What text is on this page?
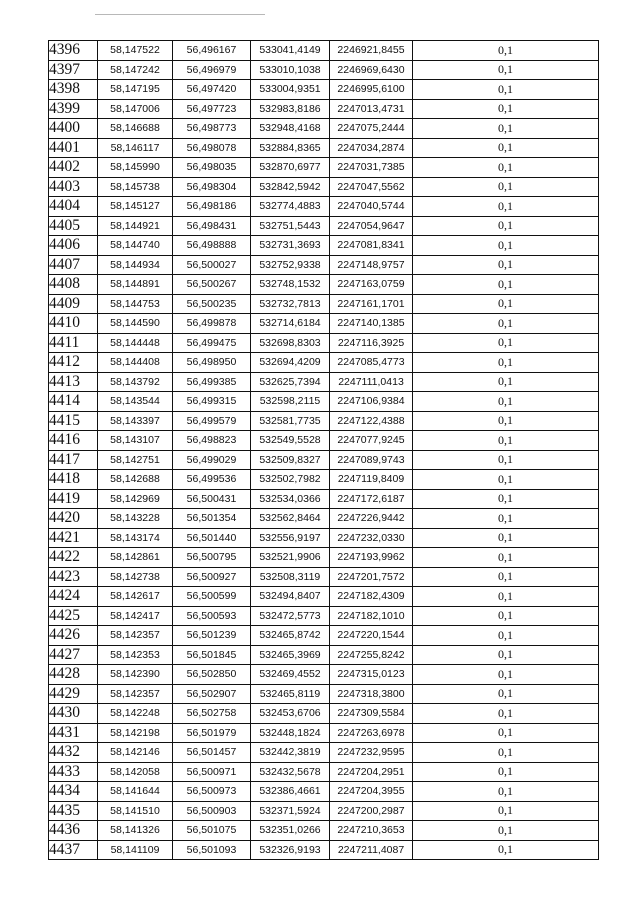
4396	58,147522	56,496167	533041,4149	2246921,8455	0,1
4397	58,147242	56,496979	533010,1038	2246969,6430	0,1
4398	58,147195	56,497420	533004,9351	2246995,6100	0,1
4399	58,147006	56,497723	532983,8186	2247013,4731	0,1
4400	58,146688	56,498773	532948,4168	2247075,2444	0,1
4401	58,146117	56,498078	532884,8365	2247034,2874	0,1
4402	58,145990	56,498035	532870,6977	2247031,7385	0,1
4403	58,145738	56,498304	532842,5942	2247047,5562	0,1
4404	58,145127	56,498186	532774,4883	2247040,5744	0,1
4405	58,144921	56,498431	532751,5443	2247054,9647	0,1
4406	58,144740	56,498888	532731,3693	2247081,8341	0,1
4407	58,144934	56,500027	532752,9338	2247148,9757	0,1
4408	58,144891	56,500267	532748,1532	2247163,0759	0,1
4409	58,144753	56,500235	532732,7813	2247161,1701	0,1
4410	58,144590	56,499878	532714,6184	2247140,1385	0,1
4411	58,144448	56,499475	532698,8303	2247116,3925	0,1
4412	58,144408	56,498950	532694,4209	2247085,4773	0,1
4413	58,143792	56,499385	532625,7394	2247111,0413	0,1
4414	58,143544	56,499315	532598,2115	2247106,9384	0,1
4415	58,143397	56,499579	532581,7735	2247122,4388	0,1
4416	58,143107	56,498823	532549,5528	2247077,9245	0,1
4417	58,142751	56,499029	532509,8327	2247089,9743	0,1
4418	58,142688	56,499536	532502,7982	2247119,8409	0,1
4419	58,142969	56,500431	532534,0366	2247172,6187	0,1
4420	58,143228	56,501354	532562,8464	2247226,9442	0,1
4421	58,143174	56,501440	532556,9197	2247232,0330	0,1
4422	58,142861	56,500795	532521,9906	2247193,9962	0,1
4423	58,142738	56,500927	532508,3119	2247201,7572	0,1
4424	58,142617	56,500599	532494,8407	2247182,4309	0,1
4425	58,142417	56,500593	532472,5773	2247182,1010	0,1
4426	58,142357	56,501239	532465,8742	2247220,1544	0,1
4427	58,142353	56,501845	532465,3969	2247255,8242	0,1
4428	58,142390	56,502850	532469,4552	2247315,0123	0,1
4429	58,142357	56,502907	532465,8119	2247318,3800	0,1
4430	58,142248	56,502758	532453,6706	2247309,5584	0,1
4431	58,142198	56,501979	532448,1824	2247263,6978	0,1
4432	58,142146	56,501457	532442,3819	2247232,9595	0,1
4433	58,142058	56,500971	532432,5678	2247204,2951	0,1
4434	58,141644	56,500973	532386,4661	2247204,3955	0,1
4435	58,141510	56,500903	532371,5924	2247200,2987	0,1
4436	58,141326	56,501075	532351,0266	2247210,3653	0,1
4437	58,141109	56,501093	532326,9193	2247211,4087	0,1
